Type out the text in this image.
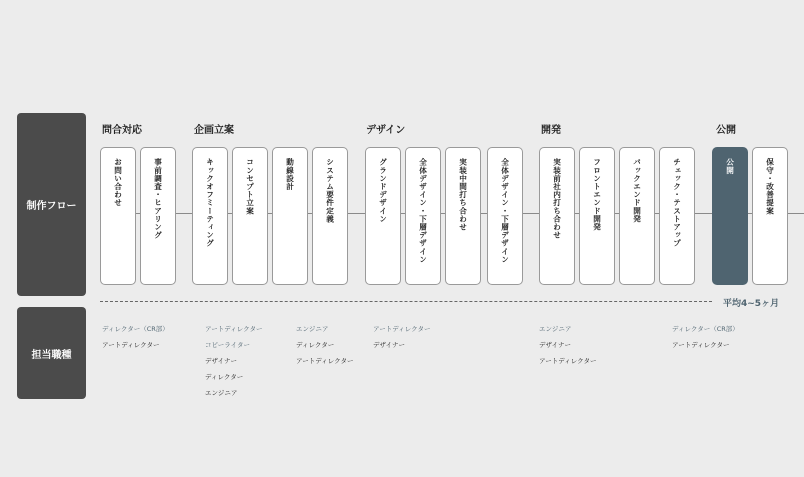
制作フロー
担当職種
問合対応	企画立案	デザイン	開発	公開
お問い合わせ	事前調査・ヒアリング	キックオフミーティング	コンセプト立案	動線設計	システム要件定義	グランドデザイン	全体デザイン・下層デザイン	実装中間打ち合わせ	全体デザイン・下層デザイン	実装前社内打ち合わせ	フロントエンド開発	バックエンド開発	チェック・テストアップ	公開	保守・改善提案
平均4~5ヶ月
ディレクター（CR部）
アートディレクター
アートディレクター
コピーライター
デザイナー
ディレクター
エンジニア
エンジニア
ディレクター
アートディレクター
アートディレクター
デザイナー
エンジニア
デザイナー
アートディレクター
ディレクター（CR部）
アートディレクター
